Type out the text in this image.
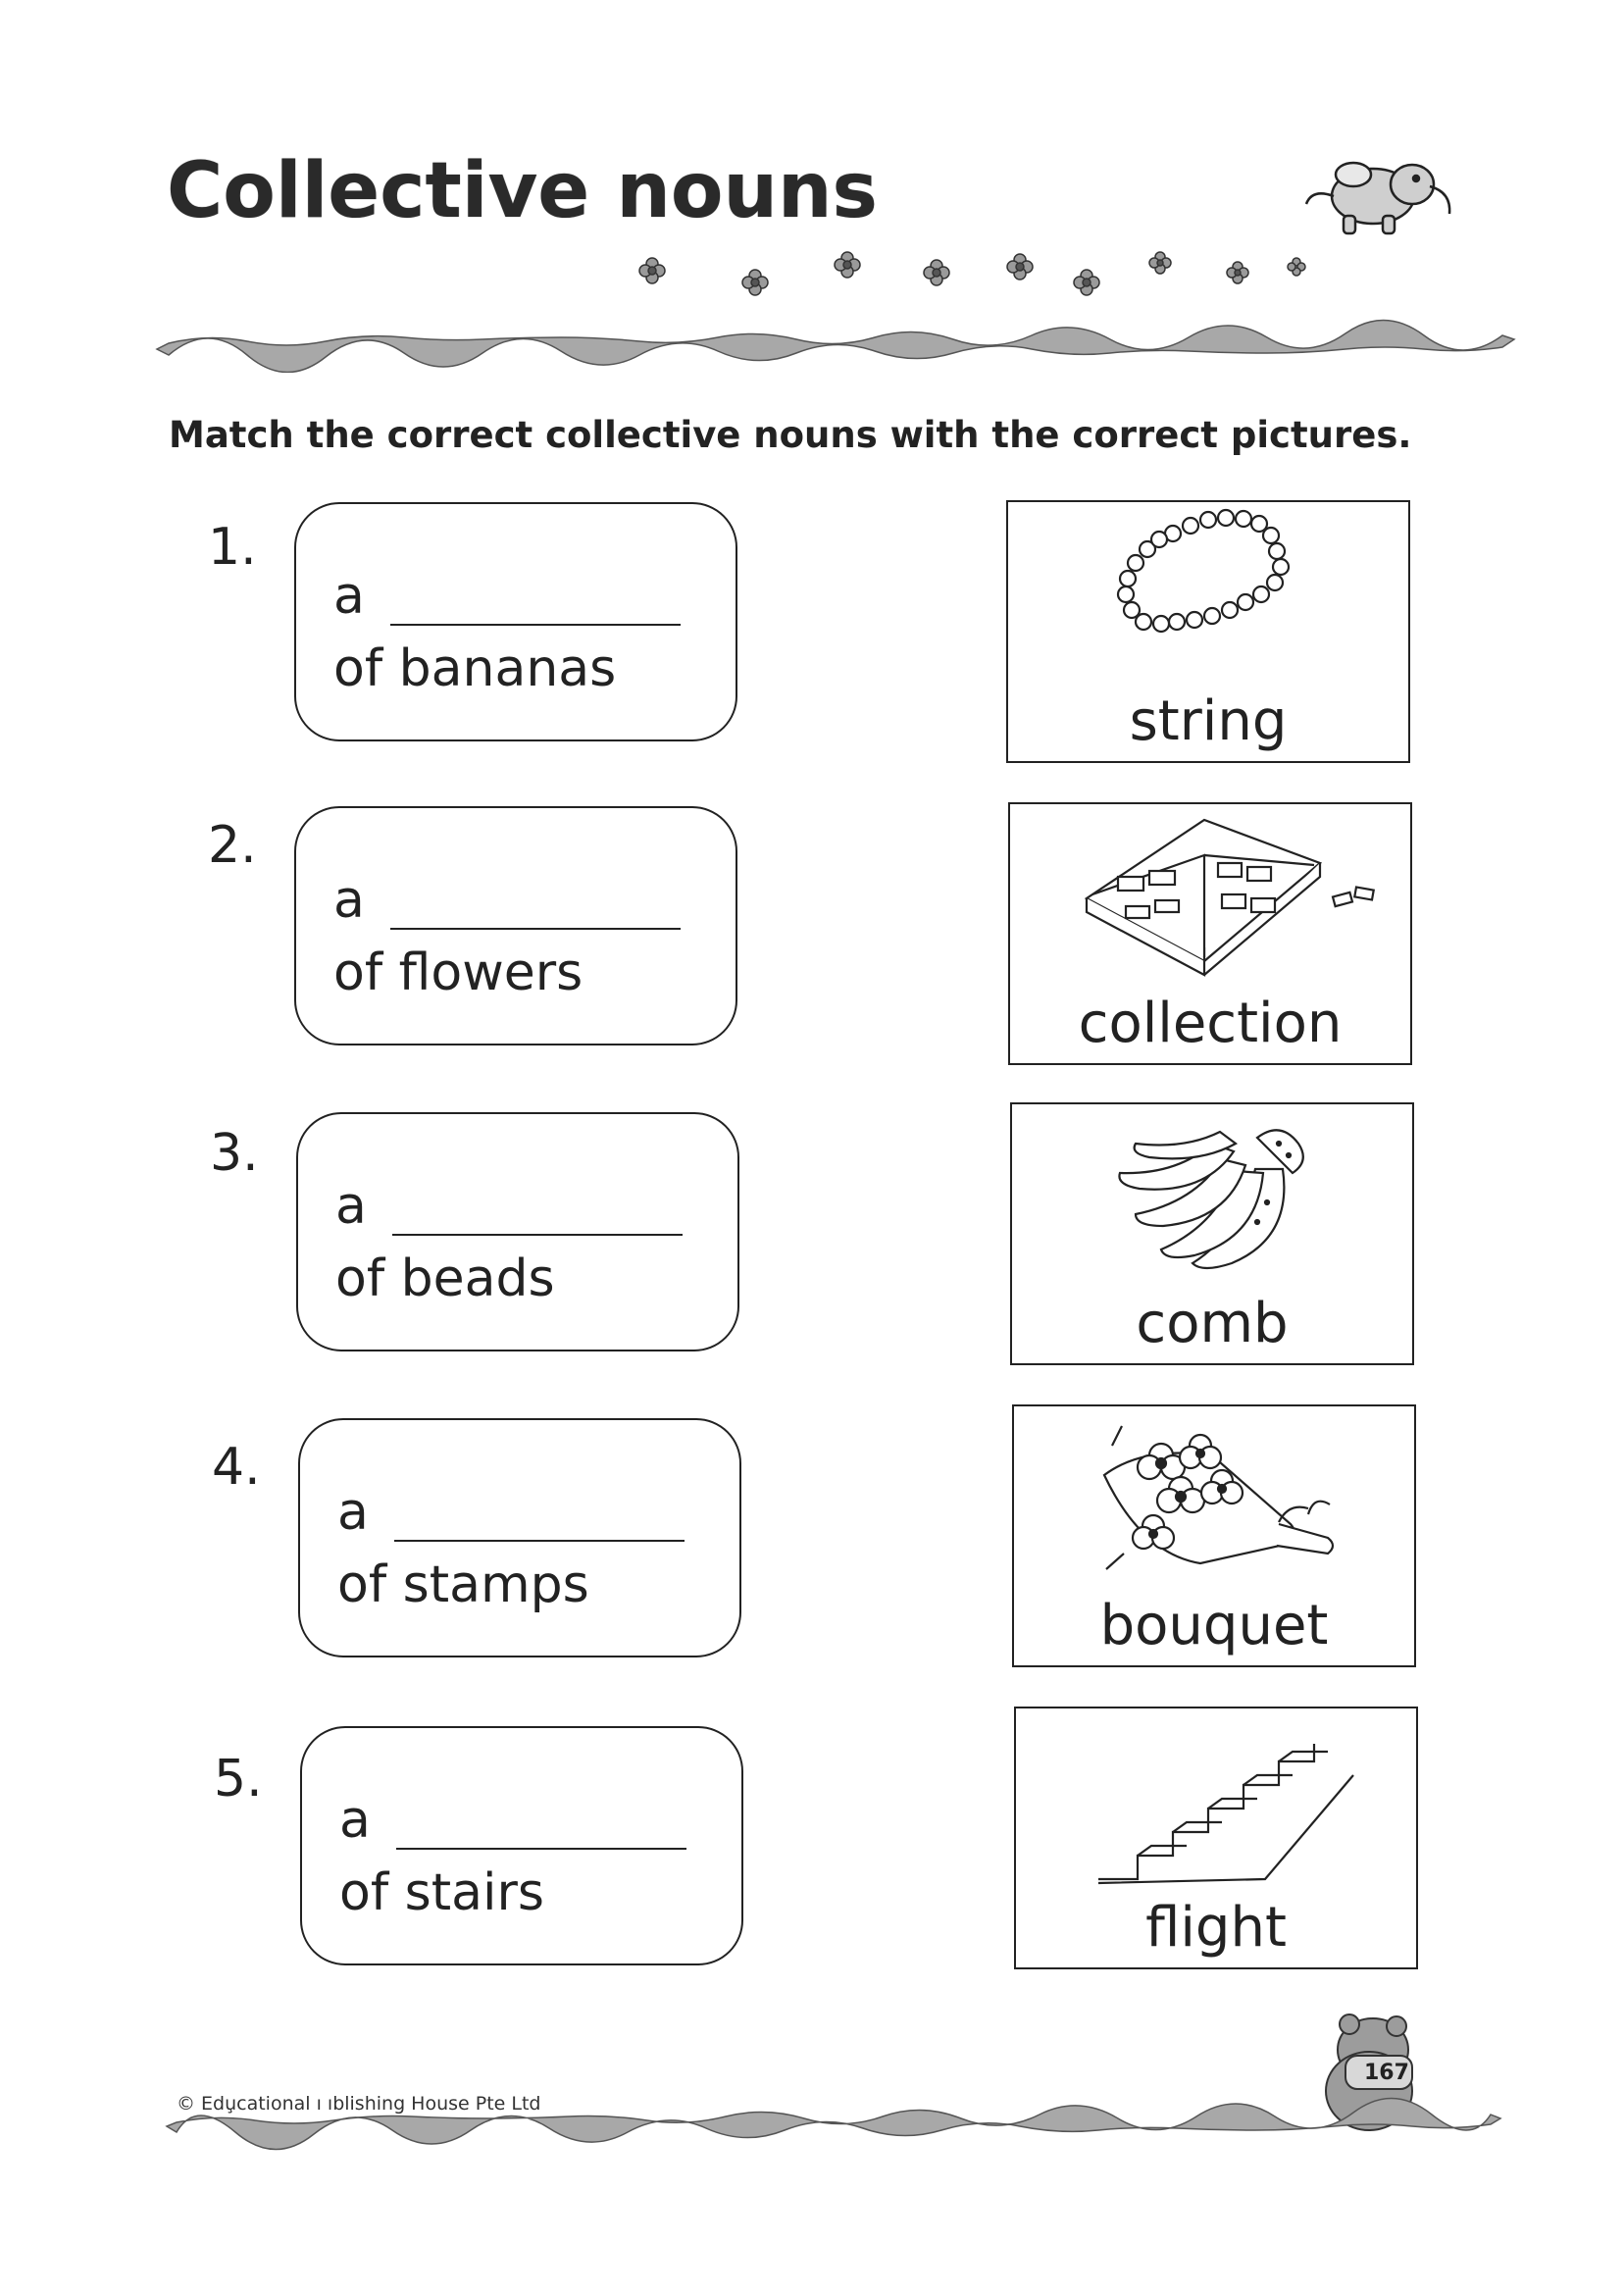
Collective nouns
Match the correct collective nouns with the correct pictures.
1.
a
of bananas
2.
a
of flowers
3.
a
of beads
4.
a
of stamps
5.
a
of stairs
string
collection
comb
bouquet
flight
167
© Edu̧cational ı ıblishing House Pte Ltd
